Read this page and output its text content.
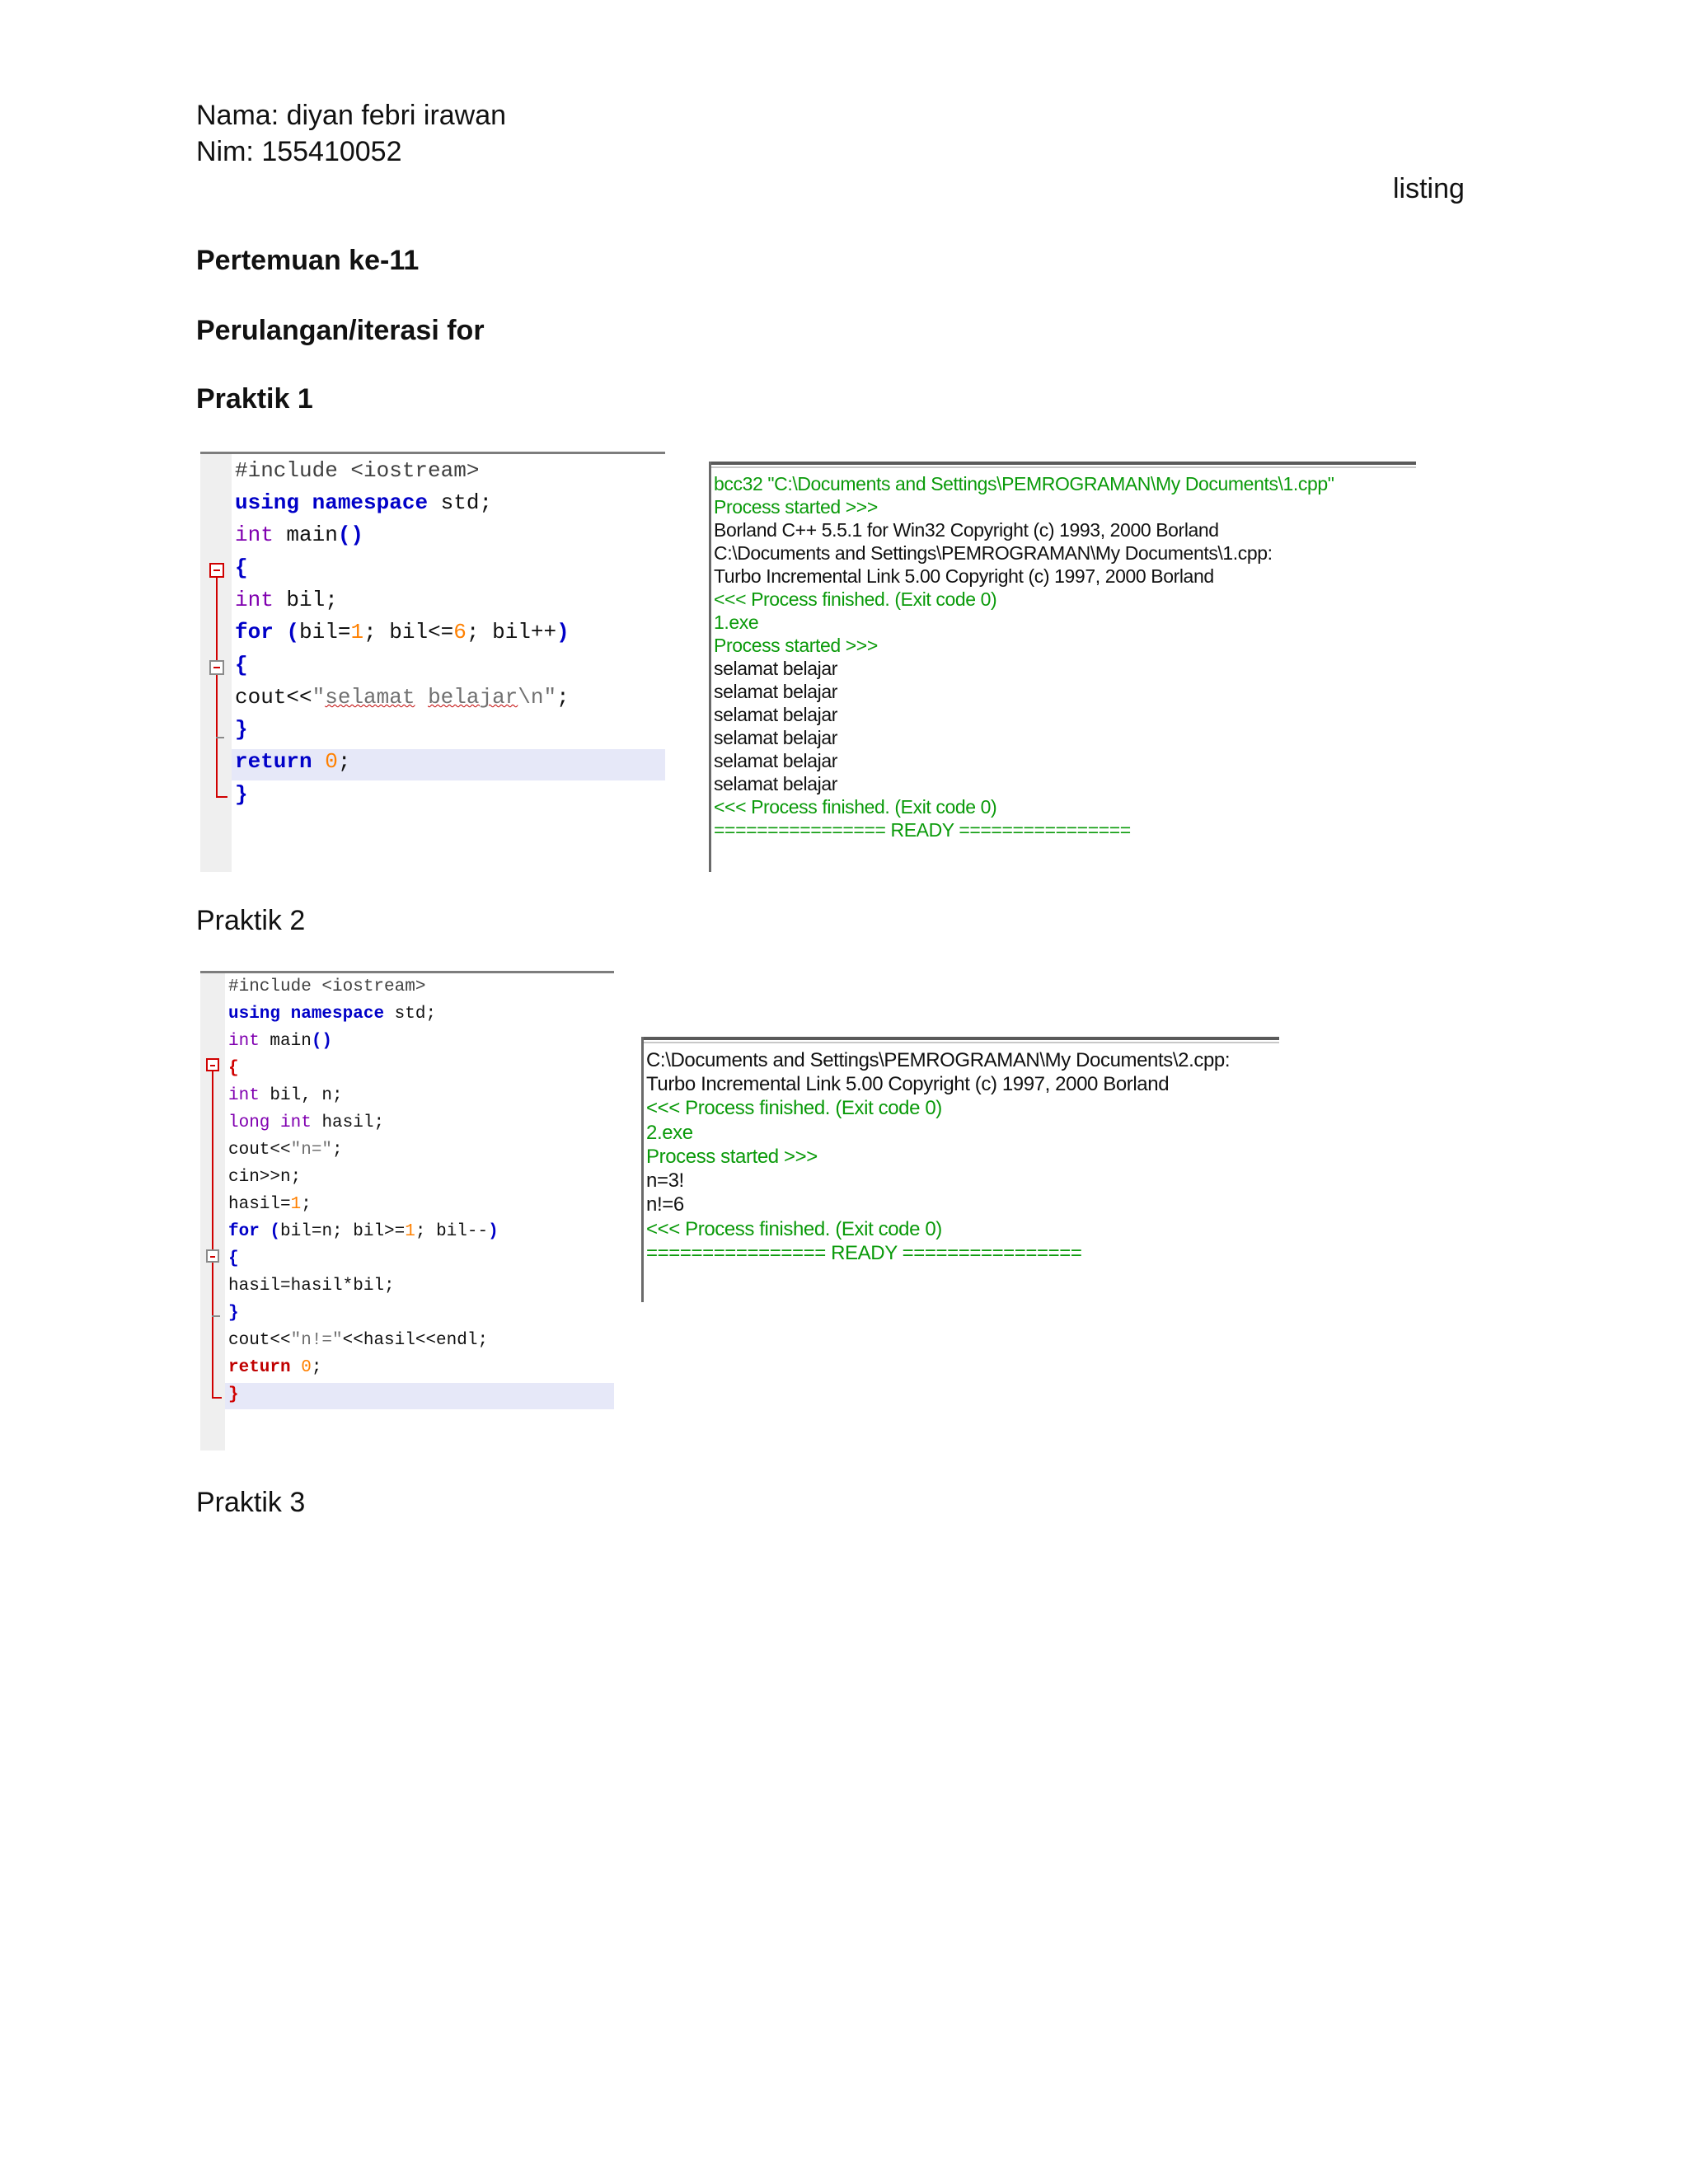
Nama: diyan febri irawan
Nim: 155410052
listing
Pertemuan ke-11
Perulangan/iterasi for
Praktik 1
#include <iostream>
using namespace std;
int main()
{
int bil;
for (bil=1; bil<=6; bil++)
{
cout<<"selamat belajar\n";
}
return 0;
}
bcc32 "C:\Documents and Settings\PEMROGRAMAN\My Documents\1.cpp"
Process started >>>
Borland C++ 5.5.1 for Win32 Copyright (c) 1993, 2000 Borland
C:\Documents and Settings\PEMROGRAMAN\My Documents\1.cpp:
Turbo Incremental Link 5.00 Copyright (c) 1997, 2000 Borland
<<< Process finished. (Exit code 0)
1.exe
Process started >>>
selamat belajar
selamat belajar
selamat belajar
selamat belajar
selamat belajar
selamat belajar
<<< Process finished. (Exit code 0)
================ READY ================
Praktik 2
#include <iostream>
using namespace std;
int main()
{
int bil, n;
long int hasil;
cout<<"n=";
cin>>n;
hasil=1;
for (bil=n; bil>=1; bil--)
{
hasil=hasil*bil;
}
cout<<"n!="<<hasil<<endl;
return 0;
}
C:\Documents and Settings\PEMROGRAMAN\My Documents\2.cpp:
Turbo Incremental Link 5.00 Copyright (c) 1997, 2000 Borland
<<< Process finished. (Exit code 0)
2.exe
Process started >>>
n=3!
n!=6
<<< Process finished. (Exit code 0)
================ READY ================
Praktik 3
